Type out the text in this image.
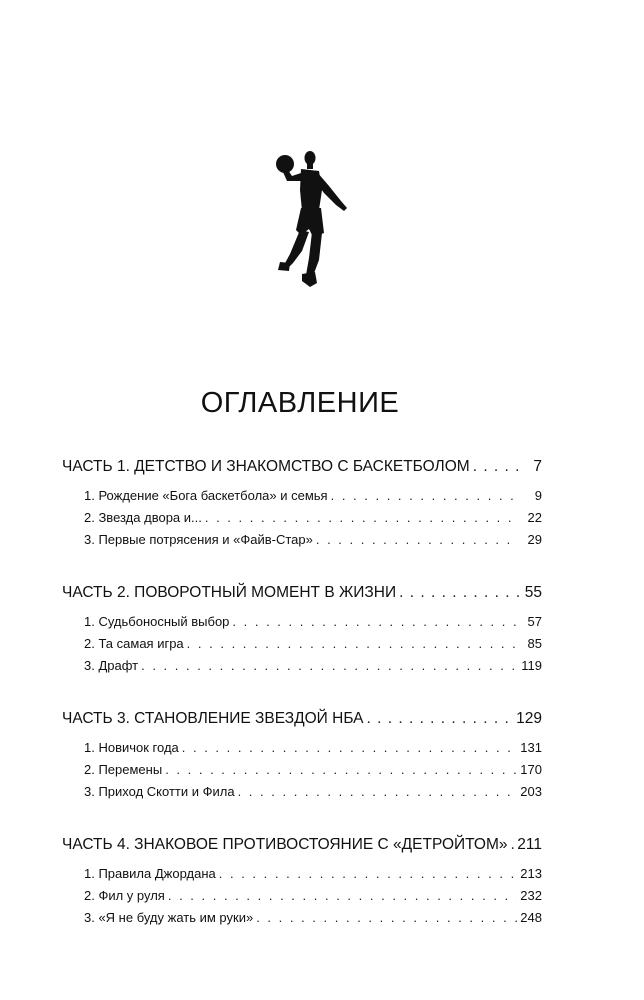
ОГЛАВЛЕНИЕ
ЧАСТЬ 1. ДЕТСТВО И ЗНАКОМСТВО С БАСКЕТБОЛОМ . . .	7
1. Рождение «Бога баскетбола» и семья . . .	9
2. Звезда двора и... . . .	22
3. Первые потрясения и «Файв-Стар» . . .	29
ЧАСТЬ 2. ПОВОРОТНЫЙ МОМЕНТ В ЖИЗНИ . . .	55
1. Судьбоносный выбор . . .	57
2. Та самая игра . . .	85
3. Драфт . . .	119
ЧАСТЬ 3. СТАНОВЛЕНИЕ ЗВЕЗДОЙ НБА . . .	129
1. Новичок года . . .	131
2. Перемены . . .	170
3. Приход Скотти и Фила . . .	203
ЧАСТЬ 4. ЗНАКОВОЕ ПРОТИВОСТОЯНИЕ С «ДЕТРОЙТОМ» . . . 211
1. Правила Джордана . . .	213
2. Фил у руля . . .	232
3. «Я не буду жать им руки» . . .	248
